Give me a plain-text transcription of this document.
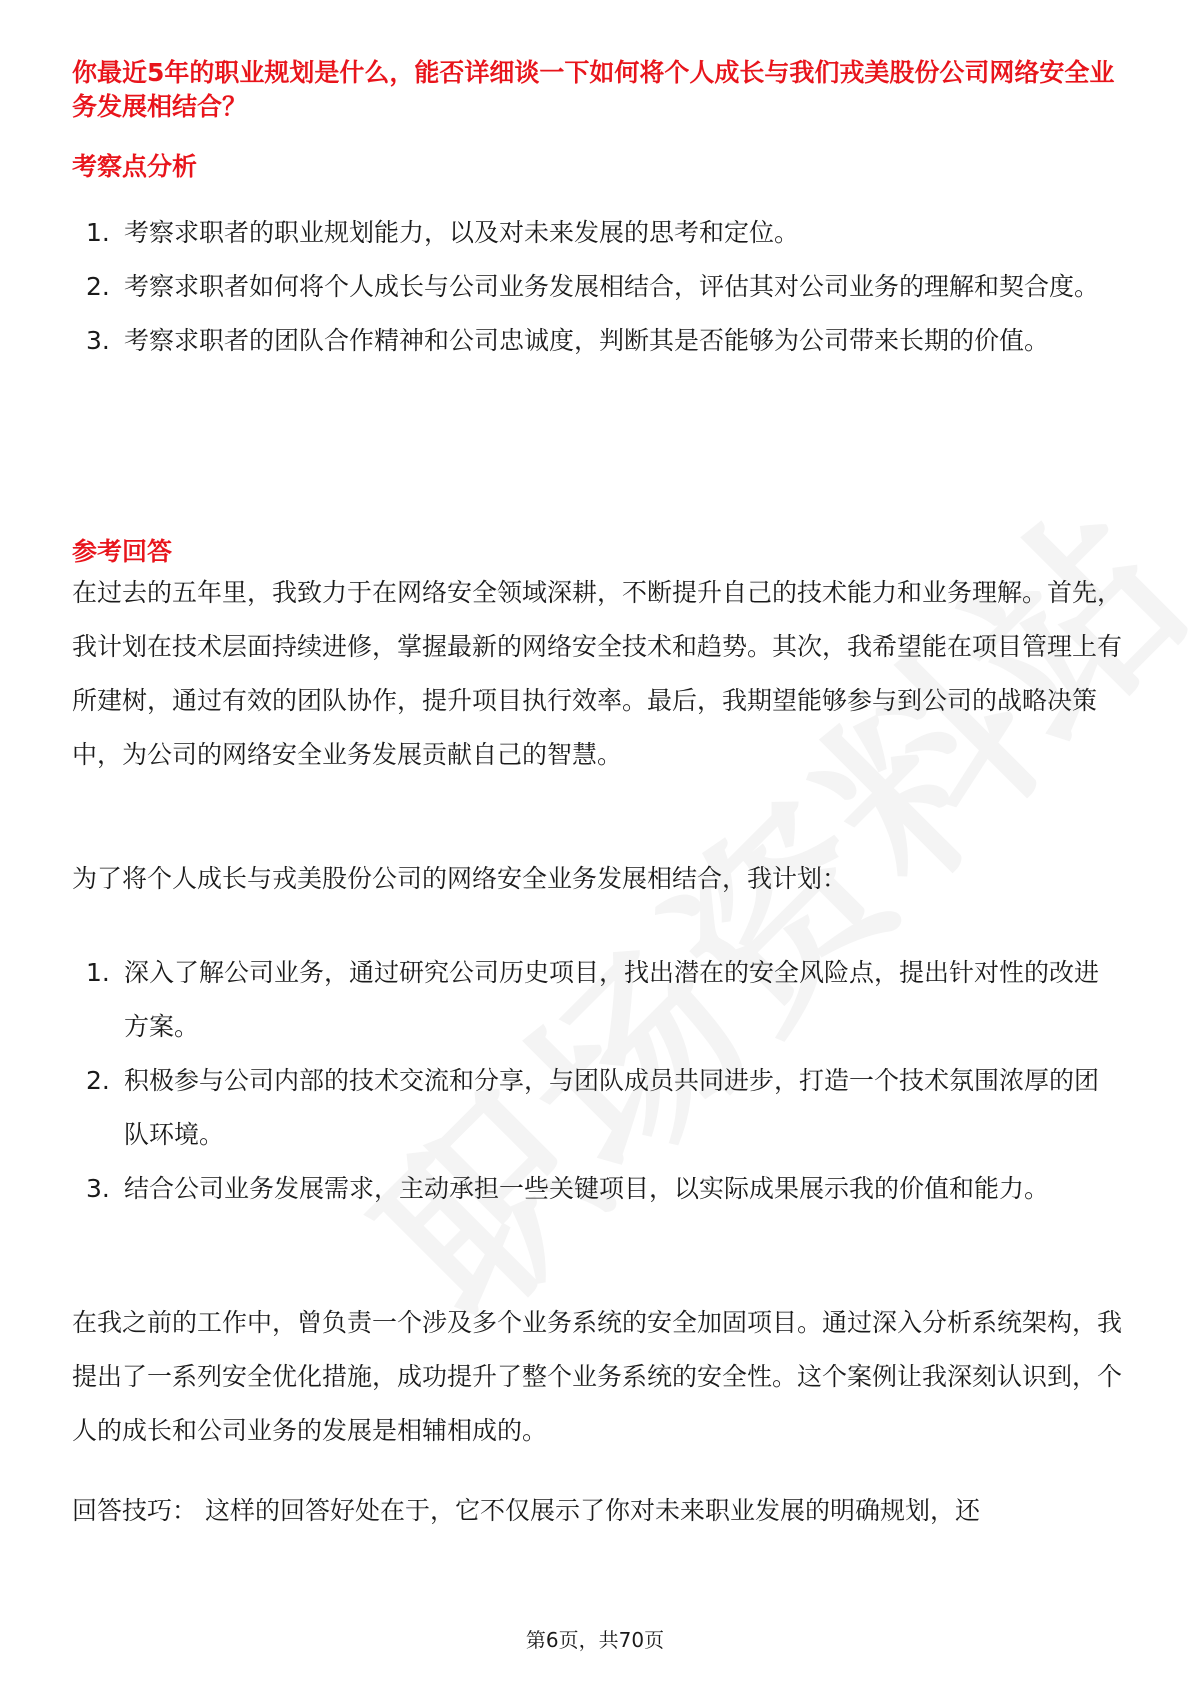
你最近5年的职业规划是什么，能否详细谈一下如何将个人成长与我们戎美股份公司网络安全业务发展相结合？
考察点分析
1. 考察求职者的职业规划能力，以及对未来发展的思考和定位。
2. 考察求职者如何将个人成长与公司业务发展相结合，评估其对公司业务的理解和契合度。
3. 考察求职者的团队合作精神和公司忠诚度，判断其是否能够为公司带来长期的价值。
参考回答

在过去的五年里，我致力于在网络安全领域深耕，不断提升自己的技术能力和业务理解。首先，我计划在技术层面持续进修，掌握最新的网络安全技术和趋势。其次，我希望能在项目管理上有所建树，通过有效的团队协作，提升项目执行效率。最后，我期望能够参与到公司的战略决策中，为公司的网络安全业务发展贡献自己的智慧。

为了将个人成长与戎美股份公司的网络安全业务发展相结合，我计划：

1. 深入了解公司业务，通过研究公司历史项目，找出潜在的安全风险点，提出针对性的改进方案。
2. 积极参与公司内部的技术交流和分享，与团队成员共同进步，打造一个技术氛围浓厚的团队环境。
3. 结合公司业务发展需求，主动承担一些关键项目，以实际成果展示我的价值和能力。

在我之前的工作中，曾负责一个涉及多个业务系统的安全加固项目。通过深入分析系统架构，我提出了一系列安全优化措施，成功提升了整个业务系统的安全性。这个案例让我深刻认识到，个人的成长和公司业务的发展是相辅相成的。

回答技巧： 这样的回答好处在于，它不仅展示了你对未来职业发展的明确规划，还

第6页，共70页
